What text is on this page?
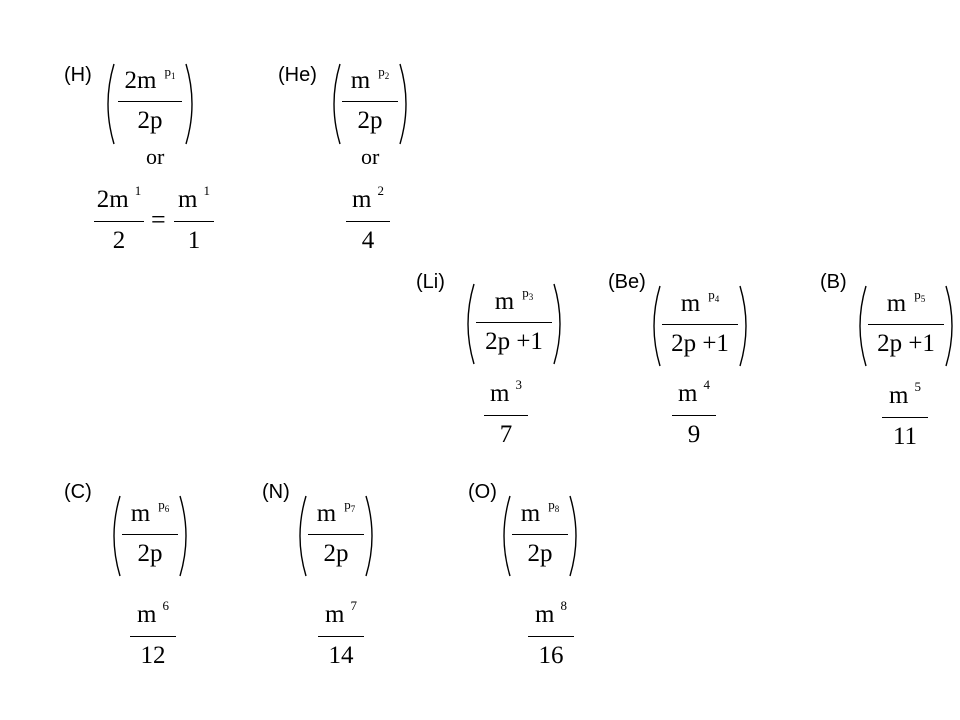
(H) 2m $^{p_1}$
2p
or
2m $^1$
2
=
m $^1$
1
(He)	m $^{p_2}$
2p
or
m $^2$
4
(Li)
m $^{p_3}$
2p +1
m $^3$
7
(Be)
m $^{p_4}$
2p +1
m $^4$
9
(B)
m $^{p_5}$
2p +1
m $^5$
11
(C)
m $^{p_6}$
2p
m $^6$
12
(N)
m $^{p_7}$
2p
m $^7$
14
(O)
m $^{p_8}$
2p
m $^8$
16
